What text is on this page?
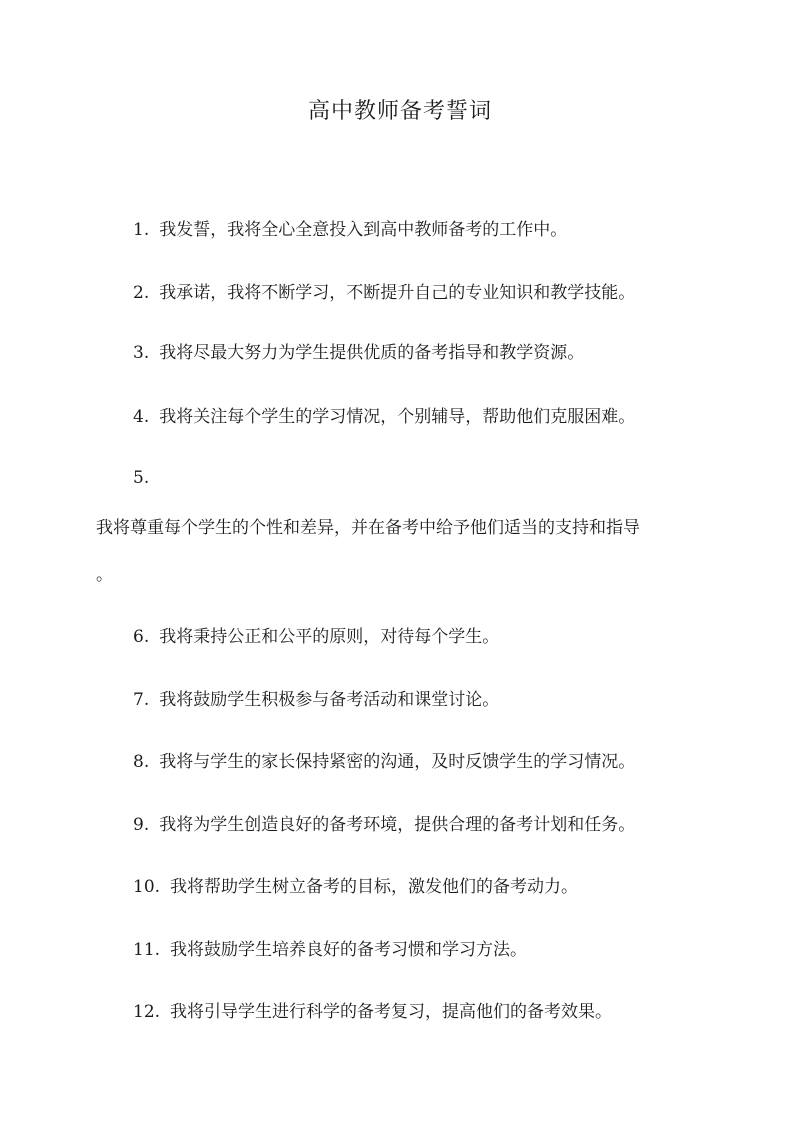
高中教师备考誓词
1. 我发誓，我将全心全意投入到高中教师备考的工作中。
2. 我承诺，我将不断学习，不断提升自己的专业知识和教学技能。
3. 我将尽最大努力为学生提供优质的备考指导和教学资源。
4. 我将关注每个学生的学习情况，个别辅导，帮助他们克服困难。
5.
我将尊重每个学生的个性和差异，并在备考中给予他们适当的支持和指导
。
6. 我将秉持公正和公平的原则，对待每个学生。
7. 我将鼓励学生积极参与备考活动和课堂讨论。
8. 我将与学生的家长保持紧密的沟通，及时反馈学生的学习情况。
9. 我将为学生创造良好的备考环境，提供合理的备考计划和任务。
10. 我将帮助学生树立备考的目标，激发他们的备考动力。
11. 我将鼓励学生培养良好的备考习惯和学习方法。
12. 我将引导学生进行科学的备考复习，提高他们的备考效果。
